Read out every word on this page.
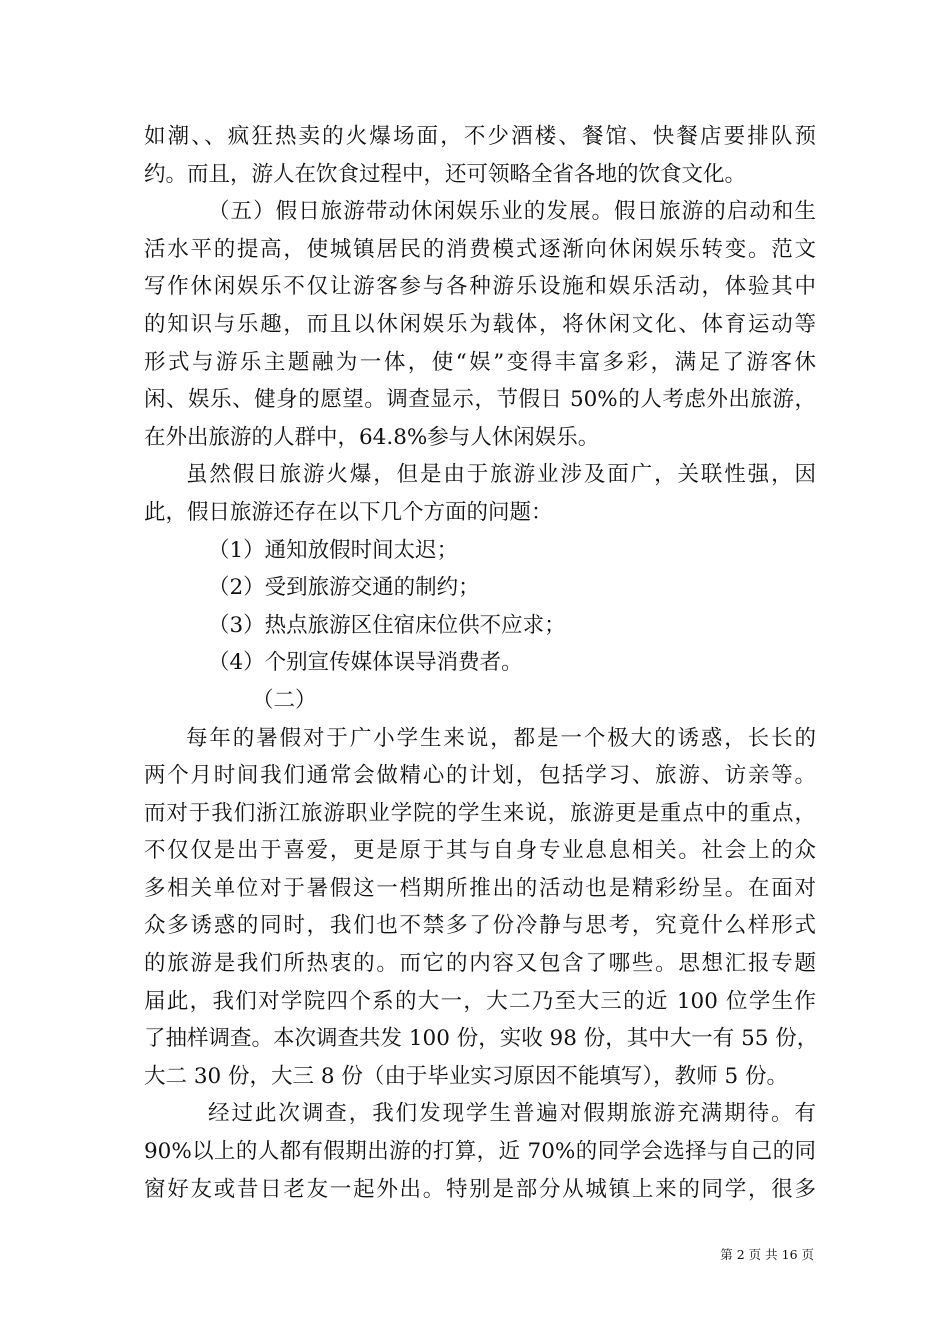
如潮、、疯狂热卖的火爆场面，不少酒楼、餐馆、快餐店要排队预
约。而且，游人在饮食过程中，还可领略全省各地的饮食文化。
（五）假日旅游带动休闲娱乐业的发展。假日旅游的启动和生
活水平的提高，使城镇居民的消费模式逐渐向休闲娱乐转变。范文
写作休闲娱乐不仅让游客参与各种游乐设施和娱乐活动，体验其中
的知识与乐趣，而且以休闲娱乐为载体，将休闲文化、体育运动等
形式与游乐主题融为一体，使“娱”变得丰富多彩，满足了游客休
闲、娱乐、健身的愿望。调查显示，节假日 50%的人考虑外出旅游，
在外出旅游的人群中，64.8%参与人休闲娱乐。
虽然假日旅游火爆，但是由于旅游业涉及面广，关联性强，因
此，假日旅游还存在以下几个方面的问题：
（1）通知放假时间太迟；
（2）受到旅游交通的制约；
（3）热点旅游区住宿床位供不应求；
（4）个别宣传媒体误导消费者。
（二）
每年的暑假对于广小学生来说，都是一个极大的诱惑，长长的
两个月时间我们通常会做精心的计划，包括学习、旅游、访亲等。
而对于我们浙江旅游职业学院的学生来说，旅游更是重点中的重点，
不仅仅是出于喜爱，更是原于其与自身专业息息相关。社会上的众
多相关单位对于暑假这一档期所推出的活动也是精彩纷呈。在面对
众多诱惑的同时，我们也不禁多了份冷静与思考，究竟什么样形式
的旅游是我们所热衷的。而它的内容又包含了哪些。思想汇报专题
届此，我们对学院四个系的大一，大二乃至大三的近 100 位学生作
了抽样调查。本次调查共发 100 份，实收 98 份，其中大一有 55 份，
大二 30 份，大三 8 份（由于毕业实习原因不能填写），教师 5 份。
经过此次调查，我们发现学生普遍对假期旅游充满期待。有
90%以上的人都有假期出游的打算，近 70%的同学会选择与自己的同
窗好友或昔日老友一起外出。特别是部分从城镇上来的同学，很多
第 2 页 共 16 页
